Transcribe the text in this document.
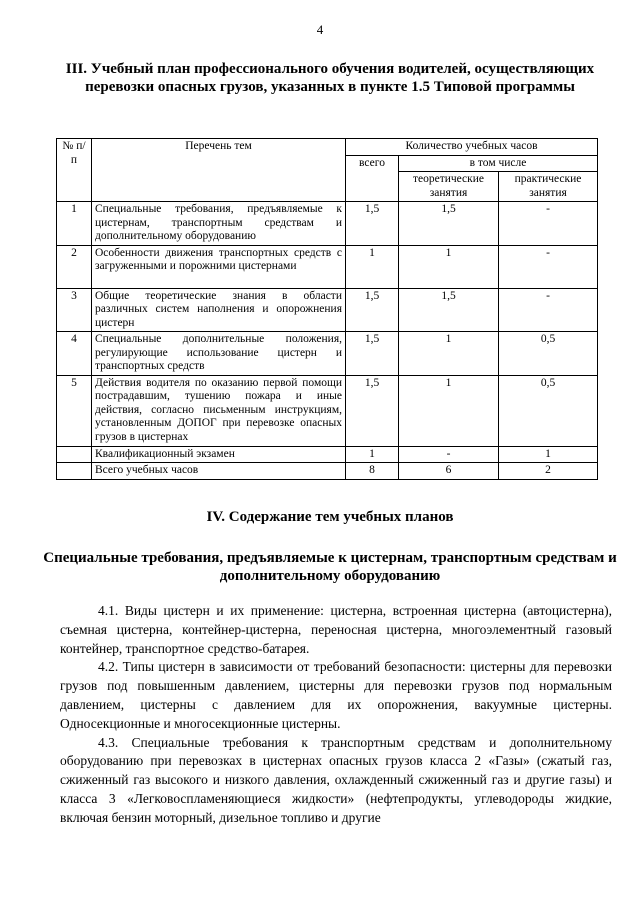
4
III. Учебный план профессионального обучения водителей, осуществляющих перевозки опасных грузов, указанных в пункте 1.5 Типовой программы
№ п/п	Перечень тем	Количество учебных часов		
		всего	в том числе	
			теоретические занятия	практические занятия
1	Специальные требования, предъявляемые к цистернам, транспортным средствам и дополнительному оборудованию	1,5	1,5	-
2	Особенности движения транспортных средств с загруженными и порожними цистернами	1	1	-
3	Общие теоретические знания в области различных систем наполнения и опорожнения цистерн	1,5	1,5	-
4	Специальные дополнительные положения, регулирующие использование цистерн и транспортных средств	1,5	1	0,5
5	Действия водителя по оказанию первой помощи пострадавшим, тушению пожара и иные действия, согласно письменным инструкциям, установленным ДОПОГ при перевозке опасных грузов в цистернах	1,5	1	0,5
	Квалификационный экзамен	1	-	1
	Всего учебных часов	8	6	2
IV. Содержание тем учебных планов
Специальные требования, предъявляемые к цистернам, транспортным средствам и дополнительному оборудованию

4.1. Виды цистерн и их применение: цистерна, встроенная цистерна (автоцистерна), съемная цистерна, контейнер-цистерна, переносная цистерна, многоэлементный газовый контейнер, транспортное средство-батарея.

4.2. Типы цистерн в зависимости от требований безопасности: цистерны для перевозки грузов под повышенным давлением, цистерны для перевозки грузов под нормальным давлением, цистерны с давлением для их опорожнения, вакуумные цистерны. Односекционные и многосекционные цистерны.

4.3. Специальные требования к транспортным средствам и дополнительному оборудованию при перевозках в цистернах опасных грузов класса 2 «Газы» (сжатый газ, сжиженный газ высокого и низкого давления, охлажденный сжиженный газ и другие газы) и класса 3 «Легковоспламеняющиеся жидкости» (нефтепродукты, углеводороды жидкие, включая бензин моторный, дизельное топливо и другие
